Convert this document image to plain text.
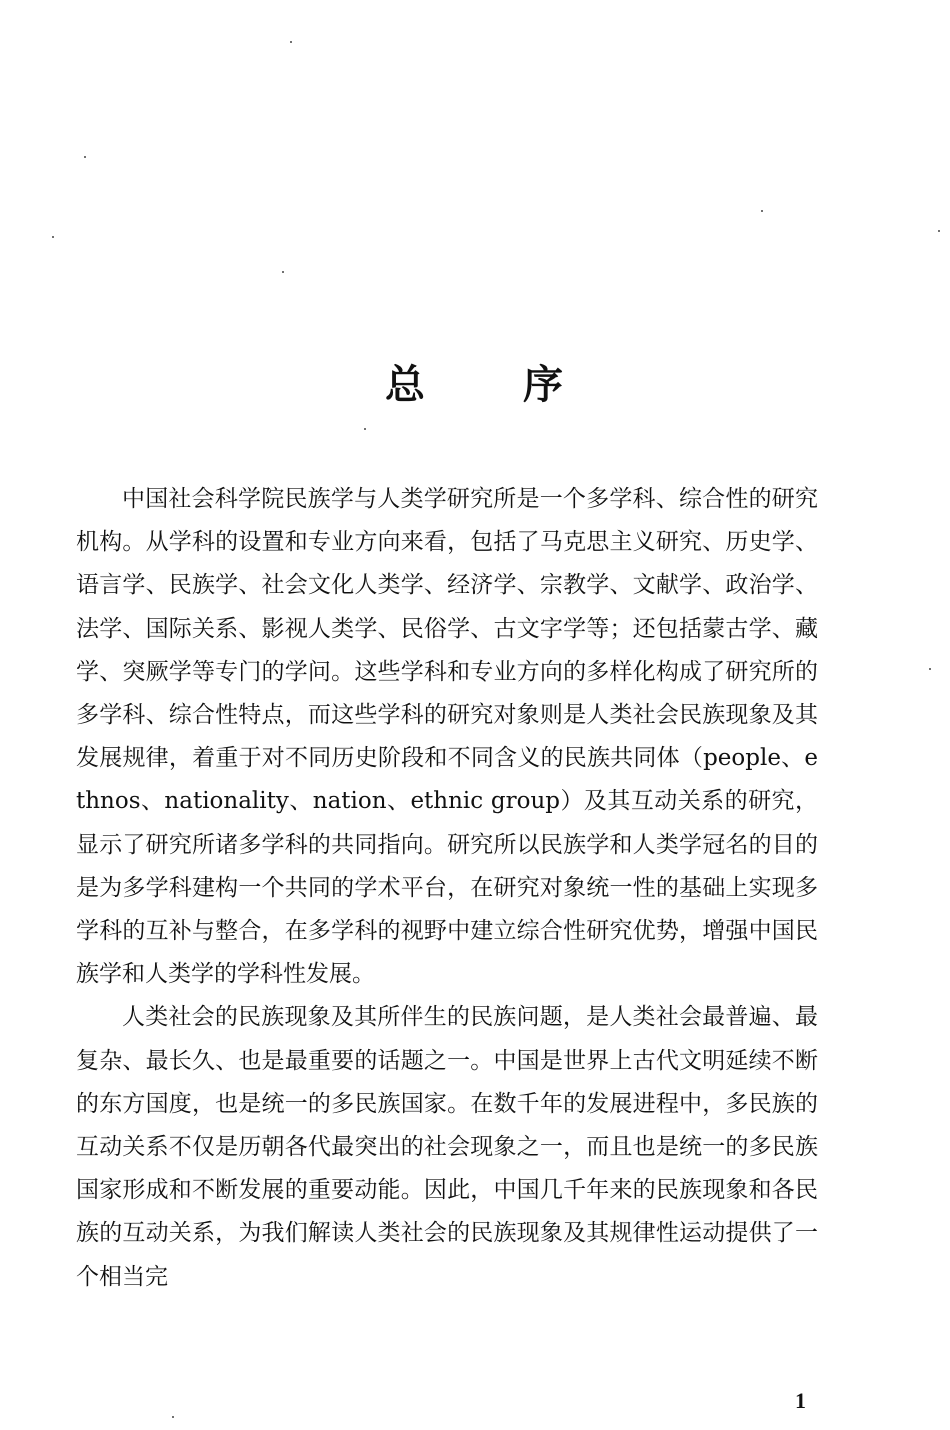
总 序

中国社会科学院民族学与人类学研究所是一个多学科、综合性的研究机构。从学科的设置和专业方向来看，包括了马克思主义研究、历史学、语言学、民族学、社会文化人类学、经济学、宗教学、文献学、政治学、法学、国际关系、影视人类学、民俗学、古文字学等；还包括蒙古学、藏学、突厥学等专门的学问。这些学科和专业方向的多样化构成了研究所的多学科、综合性特点，而这些学科的研究对象则是人类社会民族现象及其发展规律，着重于对不同历史阶段和不同含义的民族共同体（people、ethnos、nationality、nation、ethnic group）及其互动关系的研究，显示了研究所诸多学科的共同指向。研究所以民族学和人类学冠名的目的是为多学科建构一个共同的学术平台，在研究对象统一性的基础上实现多学科的互补与整合，在多学科的视野中建立综合性研究优势，增强中国民族学和人类学的学科性发展。

人类社会的民族现象及其所伴生的民族问题，是人类社会最普遍、最复杂、最长久、也是最重要的话题之一。中国是世界上古代文明延续不断的东方国度，也是统一的多民族国家。在数千年的发展进程中，多民族的互动关系不仅是历朝各代最突出的社会现象之一，而且也是统一的多民族国家形成和不断发展的重要动能。因此，中国几千年来的民族现象和各民族的互动关系，为我们解读人类社会的民族现象及其规律性运动提供了一个相当完

1
